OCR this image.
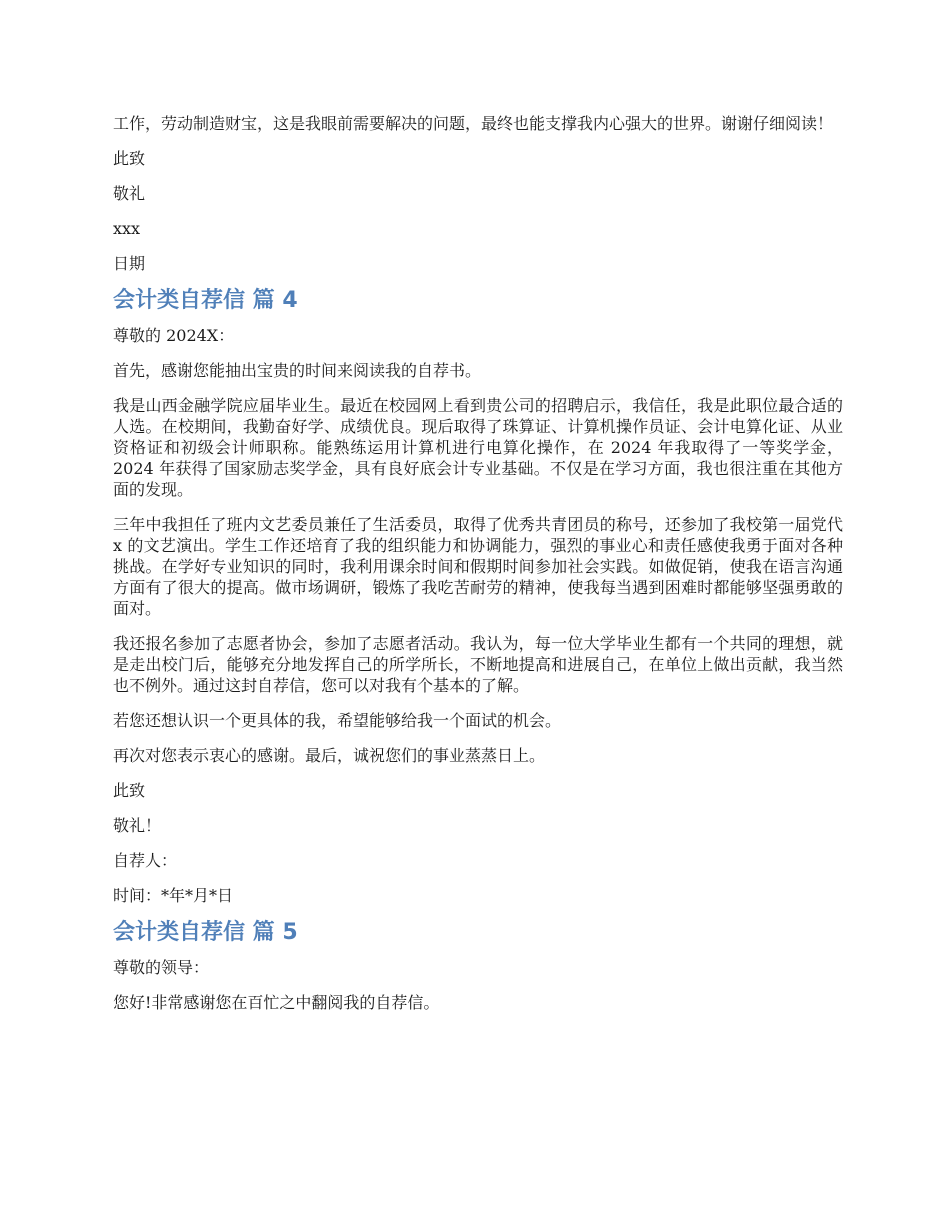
工作，劳动制造财宝，这是我眼前需要解决的问题，最终也能支撑我内心强大的世界。谢谢仔细阅读！

此致

敬礼

xxx

日期

会计类自荐信 篇 4

尊敬的 2024X：

首先，感谢您能抽出宝贵的时间来阅读我的自荐书。

我是山西金融学院应届毕业生。最近在校园网上看到贵公司的招聘启示，我信任，我是此职位最合适的人选。在校期间，我勤奋好学、成绩优良。现后取得了珠算证、计算机操作员证、会计电算化证、从业资格证和初级会计师职称。能熟练运用计算机进行电算化操作，在 2024 年我取得了一等奖学金，2024 年获得了国家励志奖学金，具有良好底会计专业基础。不仅是在学习方面，我也很注重在其他方面的发现。

三年中我担任了班内文艺委员兼任了生活委员，取得了优秀共青团员的称号，还参加了我校第一届党代 x 的文艺演出。学生工作还培育了我的组织能力和协调能力，强烈的事业心和责任感使我勇于面对各种挑战。在学好专业知识的同时，我利用课余时间和假期时间参加社会实践。如做促销，使我在语言沟通方面有了很大的提高。做市场调研，锻炼了我吃苦耐劳的精神，使我每当遇到困难时都能够坚强勇敢的面对。

我还报名参加了志愿者协会，参加了志愿者活动。我认为，每一位大学毕业生都有一个共同的理想，就是走出校门后，能够充分地发挥自己的所学所长，不断地提高和进展自己，在单位上做出贡献，我当然也不例外。通过这封自荐信，您可以对我有个基本的了解。

若您还想认识一个更具体的我，希望能够给我一个面试的机会。

再次对您表示衷心的感谢。最后，诚祝您们的事业蒸蒸日上。

此致

敬礼！

自荐人：

时间：*年*月*日

会计类自荐信 篇 5

尊敬的领导：

您好!非常感谢您在百忙之中翻阅我的自荐信。
